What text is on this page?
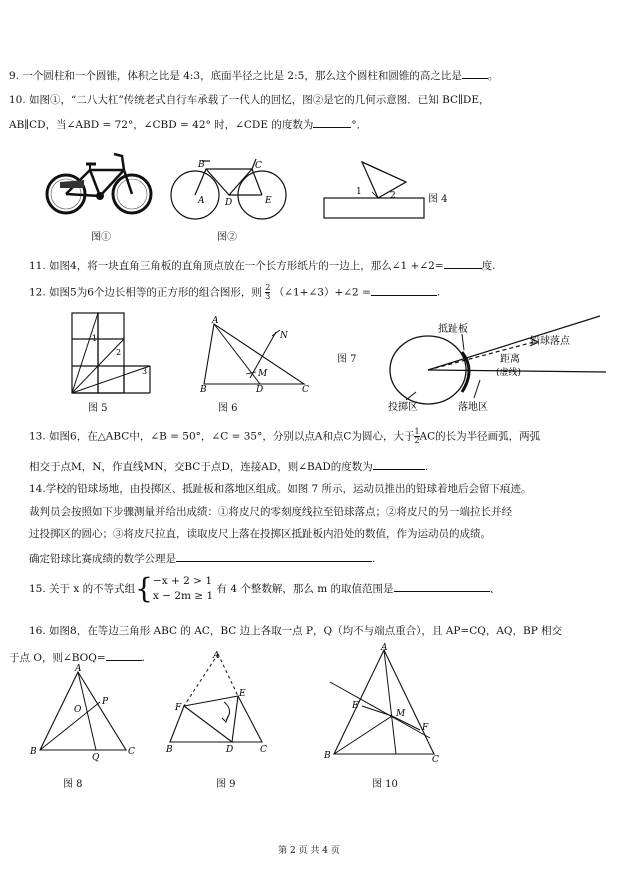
9. 一个圆柱和一个圆锥，体积之比是 4:3，底面半径之比是 2:5，那么这个圆柱和圆锥的高之比是 。
10. 如图①，“二八大杠”传统老式自行车承载了一代人的回忆，图②是它的几何示意图．已知 BC∥DE，
AB∥CD，当∠ABD = 72°，∠CBD = 42° 时，∠CDE 的度数为	°．
图①
A
B	C
D	E
图②
1	2	图 4
11. 如图4，将一块直角三角板的直角顶点放在一个长方形纸片的一边上，那么∠1 +∠2=	度.
12. 如图5为6个边长相等的正方形的组合图形，则 $\frac{2}{3}$ （∠1+∠3）+∠2 =	.
1
2
3
图 5
A
B	C
D
M
N
图 6
图 7
抵趾板
铅球落点
距离
(虚线)
投掷区	落地区
13. 如图6，在△ABC中，∠B = 50°，∠C = 35°，分别以点A和点C为圆心，大于 $\frac{1}{2}$ AC的长为半径画弧，两弧
相交于点M，N，作直线MN，交BC于点D，连接AD，则∠BAD的度数为	.
14.学校的铅球场地，由投掷区、抵趾板和落地区组成。如图 7 所示，运动员推出的铅球着地后会留下痕迹。
裁判员会按照如下步骤测量并给出成绩：①将皮尺的零刻度线拉至铅球落点；②将皮尺的另一端拉长并经
过投掷区的圆心；③将皮尺拉直，读取皮尺上落在投掷区抵趾板内沿处的数值，作为运动员的成绩。
确定铅球比赛成绩的数学公理是	.
15. 关于 x 的不等式组{ −x + 2 > 1
x − 2m ≥ 1
有 4 个整数解，那么 m 的取值范围是	、
16. 如图8，在等边三角形 ABC 的 AC，BC 边上各取一点 P，Q（均不与端点重合），且 AP=CQ，AQ，BP 相交
于点 O，则∠BOQ=	.
A
B	C
O
P
Q
图 8
A
B	C
D
E
F
图 9
A
B	C
E
M
F
图 10
第 2 页 共 4 页
